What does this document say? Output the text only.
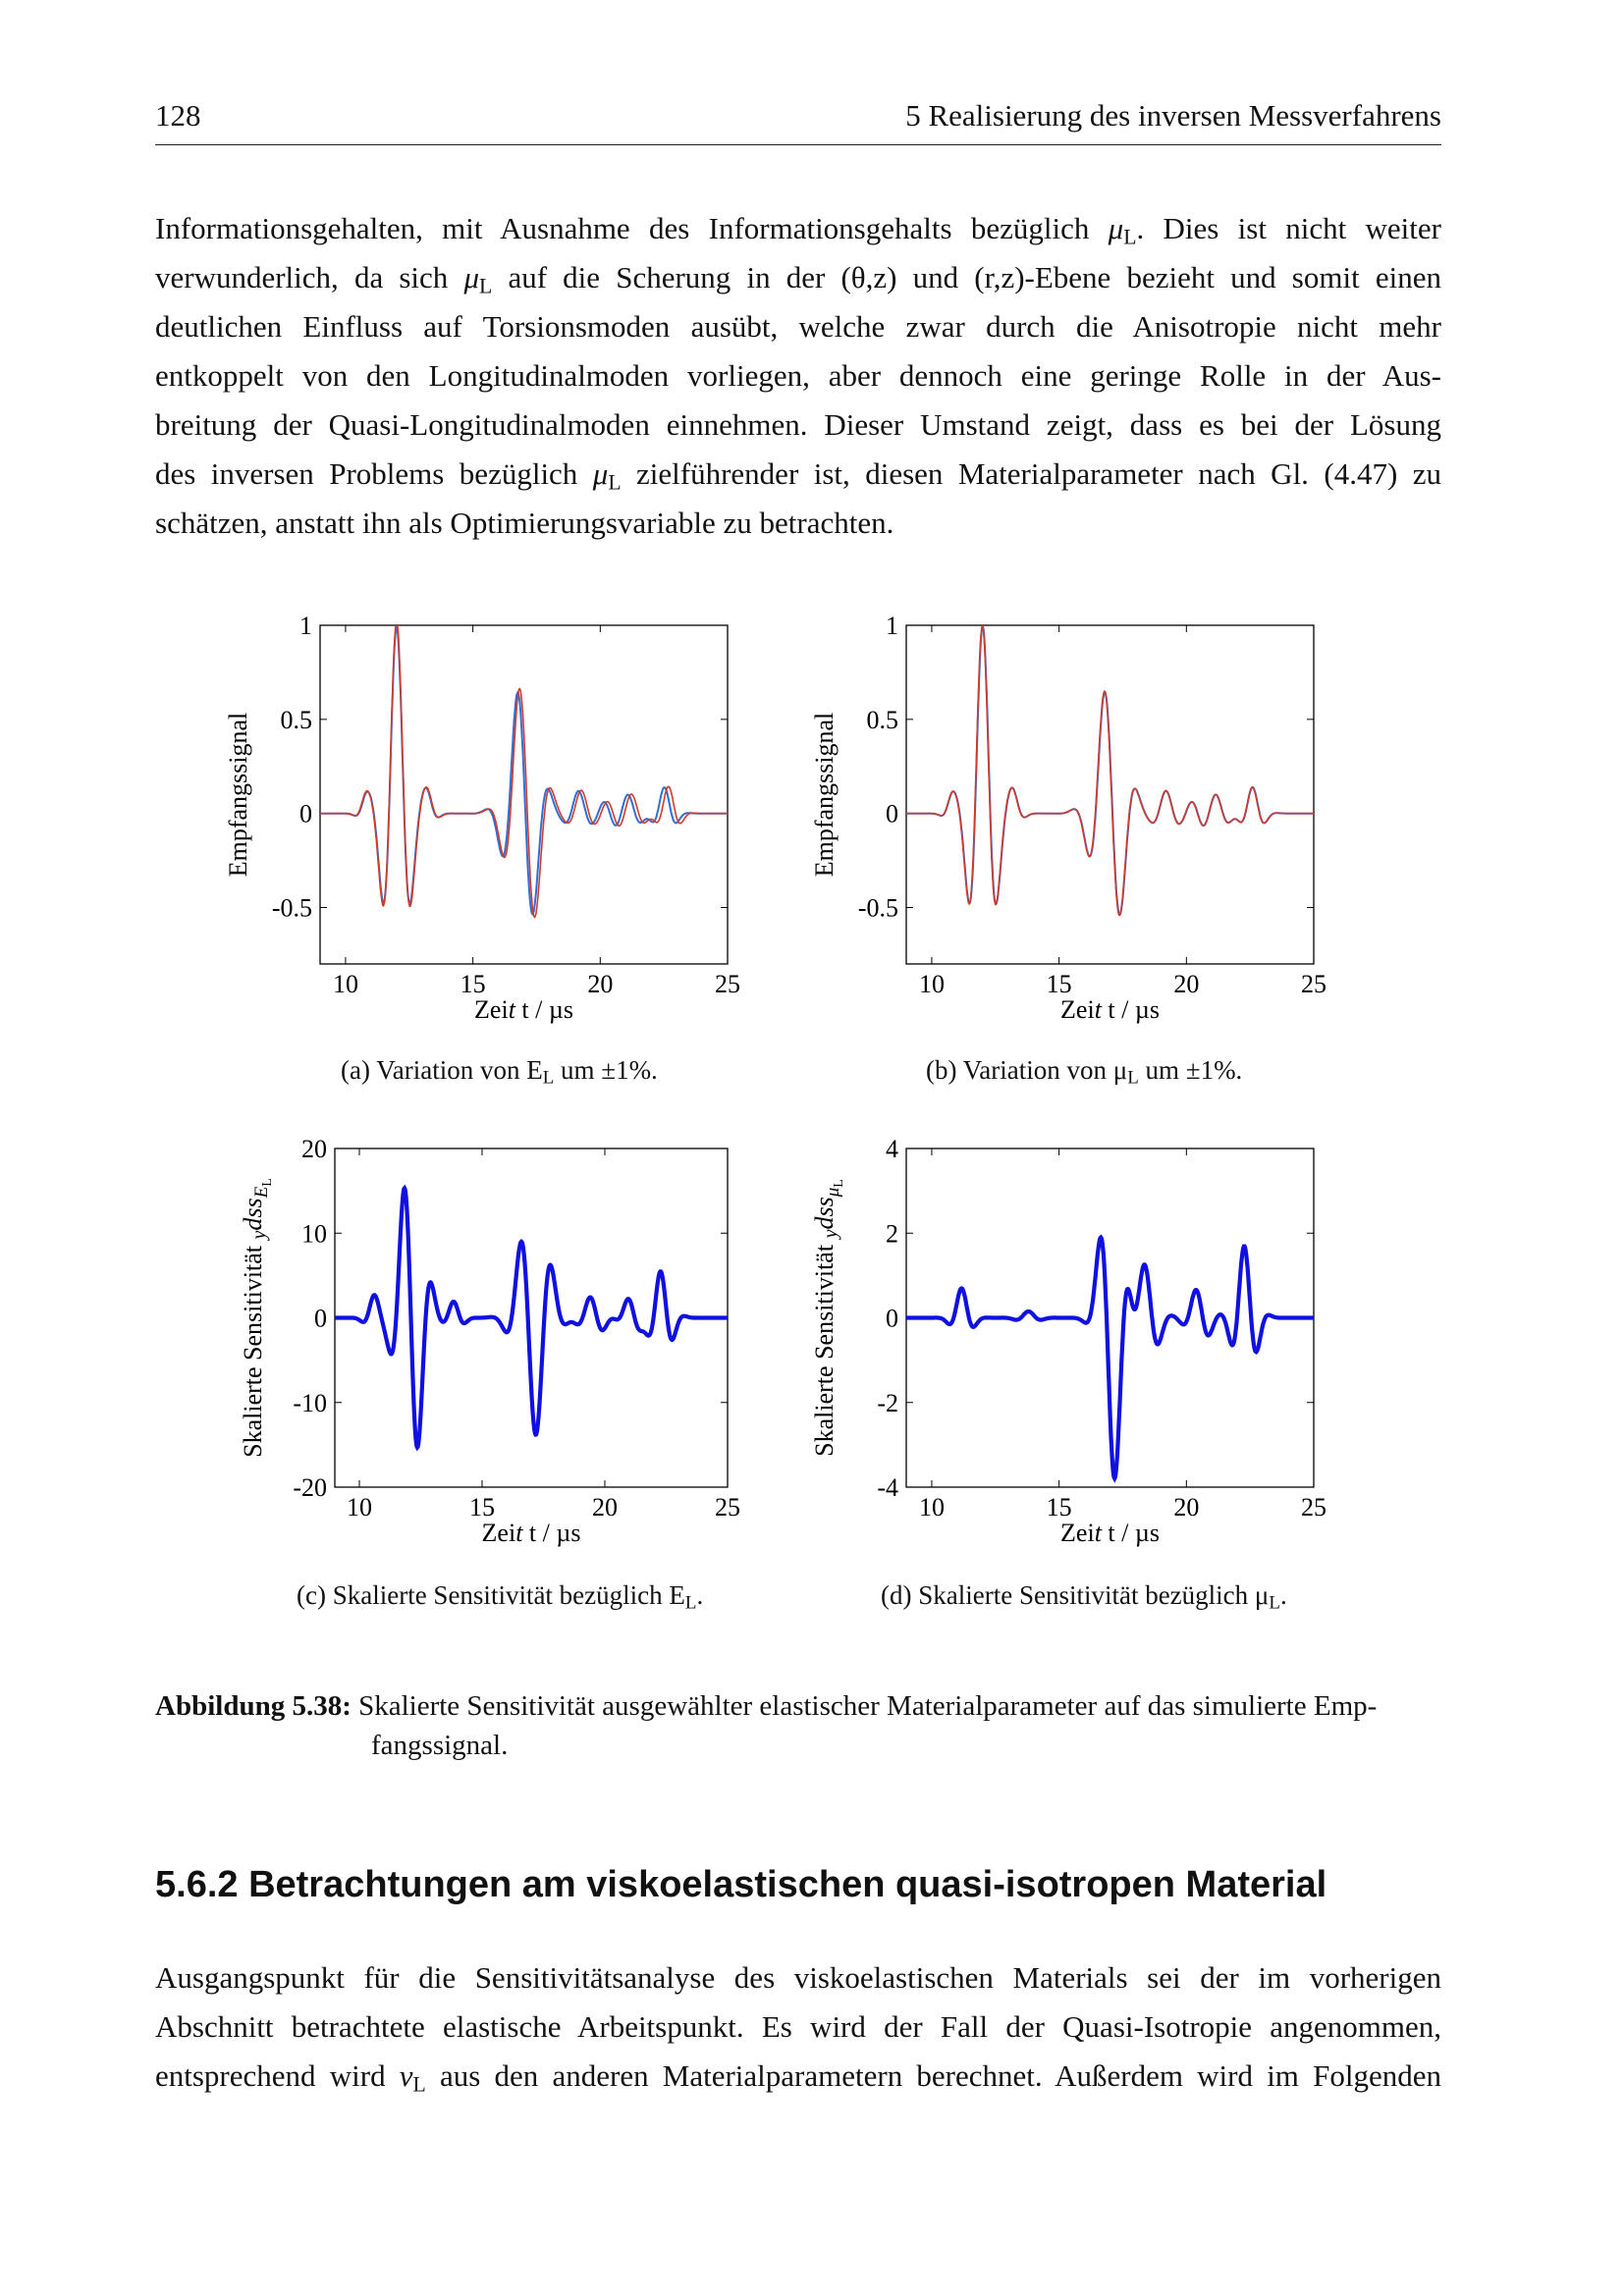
128	5 Realisierung des inversen Messverfahrens
Informationsgehalten, mit Ausnahme des Informationsgehalts bezüglich $\mu_L$. Dies ist nicht weiter
verwunderlich, da sich $\mu_L$ auf die Scherung in der (θ,z) und (r,z)-Ebene bezieht und somit einen
deutlichen Einfluss auf Torsionsmoden ausübt, welche zwar durch die Anisotropie nicht mehr
entkoppelt von den Longitudinalmoden vorliegen, aber dennoch eine geringe Rolle in der Aus-
breitung der Quasi-Longitudinalmoden einnehmen. Dieser Umstand zeigt, dass es bei der Lösung
des inversen Problems bezüglich $\mu_L$ zielführender ist, diesen Materialparameter nach Gl. (4.47) zu
schätzen, anstatt ihn als Optimierungsvariable zu betrachten.
10	15	20	25
-0.5
0
0.5
1
Zeit t / µs
Empfangssignal
10	15	20	25
-0.5
0
0.5
1
Zeit t / µs
Empfangssignal
10	15	20	25
-20
-10
0
10
20
Zeit t / µs
Skalierte Sensitivität ydss$_E$L
10	15	20	25
-4
-2
0
2
4
Zeit t / µs
Skalierte Sensitivität ydss$_\mu$L
(a) Variation von $E_L$ um ±1%.	(b) Variation von $\mu_L$ um ±1%.
(c) Skalierte Sensitivität bezüglich $E_L$.	(d) Skalierte Sensitivität bezüglich $\mu_L$.
Abbildung 5.38: Skalierte Sensitivität ausgewählter elastischer Materialparameter auf das simulierte Emp-
fangssignal.
5.6.2 Betrachtungen am viskoelastischen quasi-isotropen Material
Ausgangspunkt für die Sensitivitätsanalyse des viskoelastischen Materials sei der im vorherigen
Abschnitt betrachtete elastische Arbeitspunkt. Es wird der Fall der Quasi-Isotropie angenommen,
entsprechend wird $\nu_L$ aus den anderen Materialparametern berechnet. Außerdem wird im Folgenden
